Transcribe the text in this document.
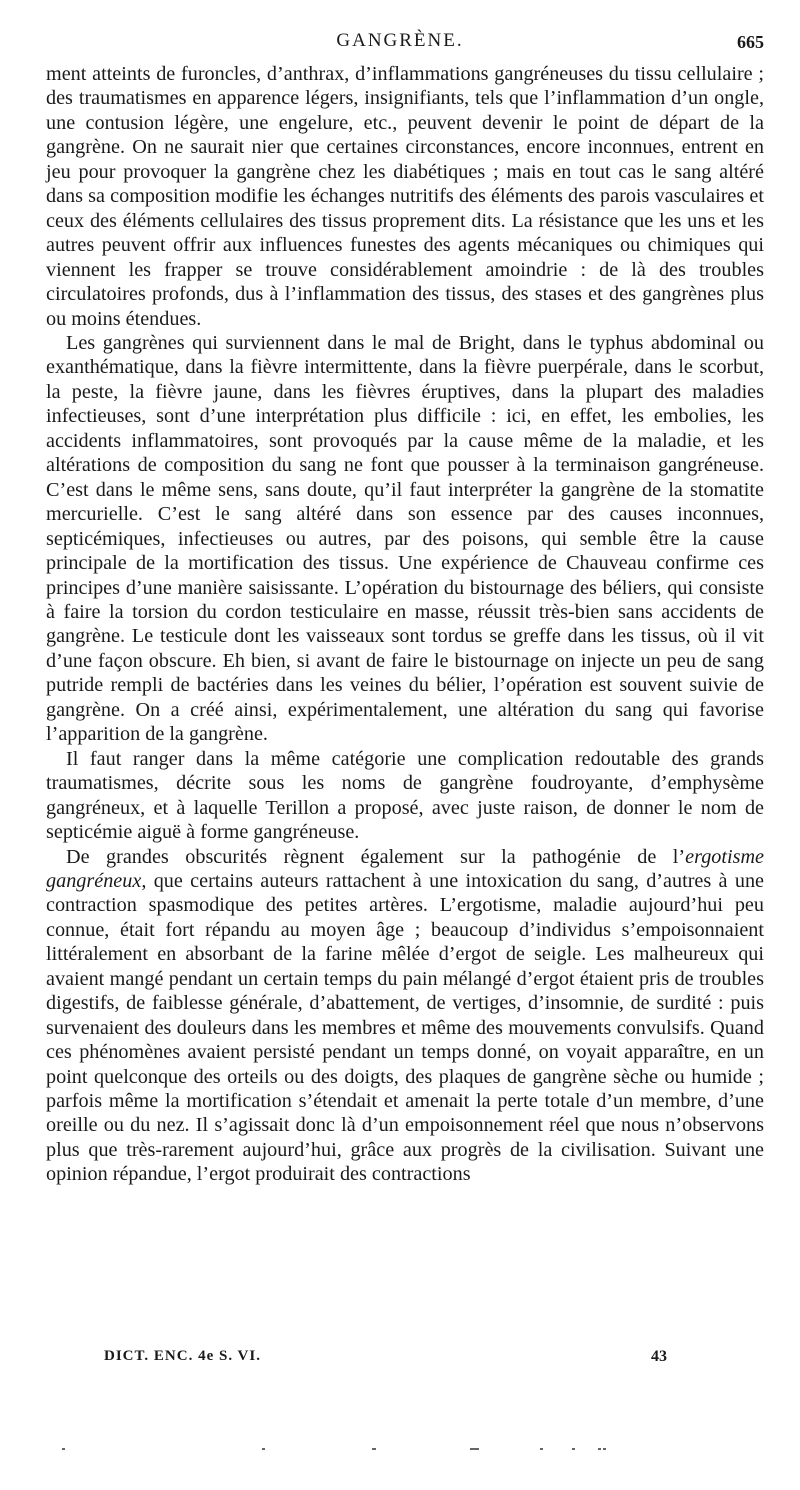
GANGRÈNE.	665

ment atteints de furoncles, d’anthrax, d’inflammations gangréneuses du tissu cellulaire ; des traumatismes en apparence légers, insignifiants, tels que l’inflammation d’un ongle, une contusion légère, une engelure, etc., peuvent devenir le point de départ de la gangrène. On ne saurait nier que certaines circonstances, encore inconnues, entrent en jeu pour provoquer la gangrène chez les diabétiques ; mais en tout cas le sang altéré dans sa composition modifie les échanges nutritifs des éléments des parois vasculaires et ceux des éléments cellulaires des tissus proprement dits. La résistance que les uns et les autres peuvent offrir aux influences funestes des agents mécaniques ou chimiques qui viennent les frapper se trouve considérablement amoindrie : de là des troubles circulatoires profonds, dus à l’inflammation des tissus, des stases et des gangrènes plus ou moins étendues.

Les gangrènes qui surviennent dans le mal de Bright, dans le typhus abdominal ou exanthématique, dans la fièvre intermittente, dans la fièvre puerpérale, dans le scorbut, la peste, la fièvre jaune, dans les fièvres éruptives, dans la plupart des maladies infectieuses, sont d’une interprétation plus difficile : ici, en effet, les embolies, les accidents inflammatoires, sont provoqués par la cause même de la maladie, et les altérations de composition du sang ne font que pousser à la terminaison gangréneuse. C’est dans le même sens, sans doute, qu’il faut interpréter la gangrène de la stomatite mercurielle. C’est le sang altéré dans son essence par des causes inconnues, septicémiques, infectieuses ou autres, par des poisons, qui semble être la cause principale de la mortification des tissus. Une expérience de Chauveau confirme ces principes d’une manière saisissante. L’opération du bistournage des béliers, qui consiste à faire la torsion du cordon testiculaire en masse, réussit très-bien sans accidents de gangrène. Le testicule dont les vaisseaux sont tordus se greffe dans les tissus, où il vit d’une façon obscure. Eh bien, si avant de faire le bistournage on injecte un peu de sang putride rempli de bactéries dans les veines du bélier, l’opération est souvent suivie de gangrène. On a créé ainsi, expérimentalement, une altération du sang qui favorise l’apparition de la gangrène.

Il faut ranger dans la même catégorie une complication redoutable des grands traumatismes, décrite sous les noms de gangrène foudroyante, d’emphysème gangréneux, et à laquelle Terillon a proposé, avec juste raison, de donner le nom de septicémie aiguë à forme gangréneuse.

De grandes obscurités règnent également sur la pathogénie de l’ergotisme gangréneux, que certains auteurs rattachent à une intoxication du sang, d’autres à une contraction spasmodique des petites artères. L’ergotisme, maladie aujourd’hui peu connue, était fort répandu au moyen âge ; beaucoup d’individus s’empoisonnaient littéralement en absorbant de la farine mêlée d’ergot de seigle. Les malheureux qui avaient mangé pendant un certain temps du pain mélangé d’ergot étaient pris de troubles digestifs, de faiblesse générale, d’abattement, de vertiges, d’insomnie, de surdité : puis survenaient des douleurs dans les membres et même des mouvements convulsifs. Quand ces phénomènes avaient persisté pendant un temps donné, on voyait apparaître, en un point quelconque des orteils ou des doigts, des plaques de gangrène sèche ou humide ; parfois même la mortification s’étendait et amenait la perte totale d’un membre, d’une oreille ou du nez. Il s’agissait donc là d’un empoisonnement réel que nous n’observons plus que très-rarement aujourd’hui, grâce aux progrès de la civilisation. Suivant une opinion répandue, l’ergot produirait des contractions

DICT. ENC. 4e S. VI.	43
